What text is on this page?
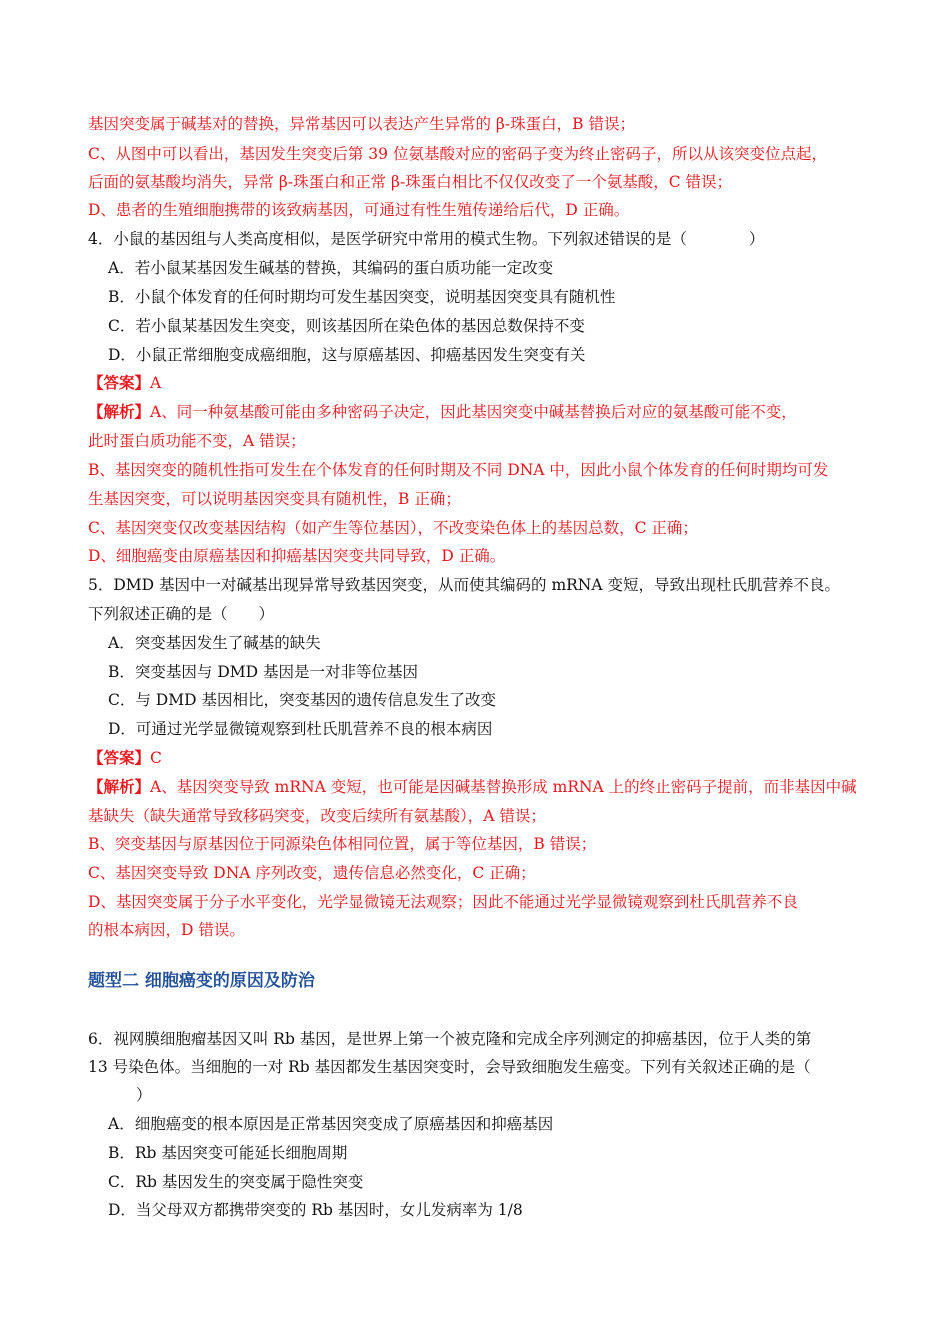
基因突变属于碱基对的替换，异常基因可以表达产生异常的 β-珠蛋白，B 错误；
C、从图中可以看出，基因发生突变后第 39 位氨基酸对应的密码子变为终止密码子，所以从该突变位点起，
后面的氨基酸均消失，异常 β-珠蛋白和正常 β-珠蛋白相比不仅仅改变了一个氨基酸，C 错误；
D、患者的生殖细胞携带的该致病基因，可通过有性生殖传递给后代，D 正确。
4．小鼠的基因组与人类高度相似，是医学研究中常用的模式生物。下列叙述错误的是（　　　　）
A．若小鼠某基因发生碱基的替换，其编码的蛋白质功能一定改变
B．小鼠个体发育的任何时期均可发生基因突变，说明基因突变具有随机性
C．若小鼠某基因发生突变，则该基因所在染色体的基因总数保持不变
D．小鼠正常细胞变成癌细胞，这与原癌基因、抑癌基因发生突变有关
【答案】A
【解析】A、同一种氨基酸可能由多种密码子决定，因此基因突变中碱基替换后对应的氨基酸可能不变，
此时蛋白质功能不变，A 错误；
B、基因突变的随机性指可发生在个体发育的任何时期及不同 DNA 中，因此小鼠个体发育的任何时期均可发
生基因突变，可以说明基因突变具有随机性，B 正确；
C、基因突变仅改变基因结构（如产生等位基因），不改变染色体上的基因总数，C 正确；
D、细胞癌变由原癌基因和抑癌基因突变共同导致，D 正确。
5．DMD 基因中一对碱基出现异常导致基因突变，从而使其编码的 mRNA 变短，导致出现杜氏肌营养不良。
下列叙述正确的是（　　）
A．突变基因发生了碱基的缺失
B．突变基因与 DMD 基因是一对非等位基因
C．与 DMD 基因相比，突变基因的遗传信息发生了改变
D．可通过光学显微镜观察到杜氏肌营养不良的根本病因
【答案】C
【解析】A、基因突变导致 mRNA 变短，也可能是因碱基替换形成 mRNA 上的终止密码子提前，而非基因中碱
基缺失（缺失通常导致移码突变，改变后续所有氨基酸），A 错误；
B、突变基因与原基因位于同源染色体相同位置，属于等位基因，B 错误；
C、基因突变导致 DNA 序列改变，遗传信息必然变化，C 正确；
D、基因突变属于分子水平变化，光学显微镜无法观察；因此不能通过光学显微镜观察到杜氏肌营养不良
的根本病因，D 错误。
题型二 细胞癌变的原因及防治
6．视网膜细胞瘤基因又叫 Rb 基因，是世界上第一个被克隆和完成全序列测定的抑癌基因，位于人类的第
13 号染色体。当细胞的一对 Rb 基因都发生基因突变时，会导致细胞发生癌变。下列有关叙述正确的是（
）
A．细胞癌变的根本原因是正常基因突变成了原癌基因和抑癌基因
B．Rb 基因突变可能延长细胞周期
C．Rb 基因发生的突变属于隐性突变
D．当父母双方都携带突变的 Rb 基因时，女儿发病率为 1/8
